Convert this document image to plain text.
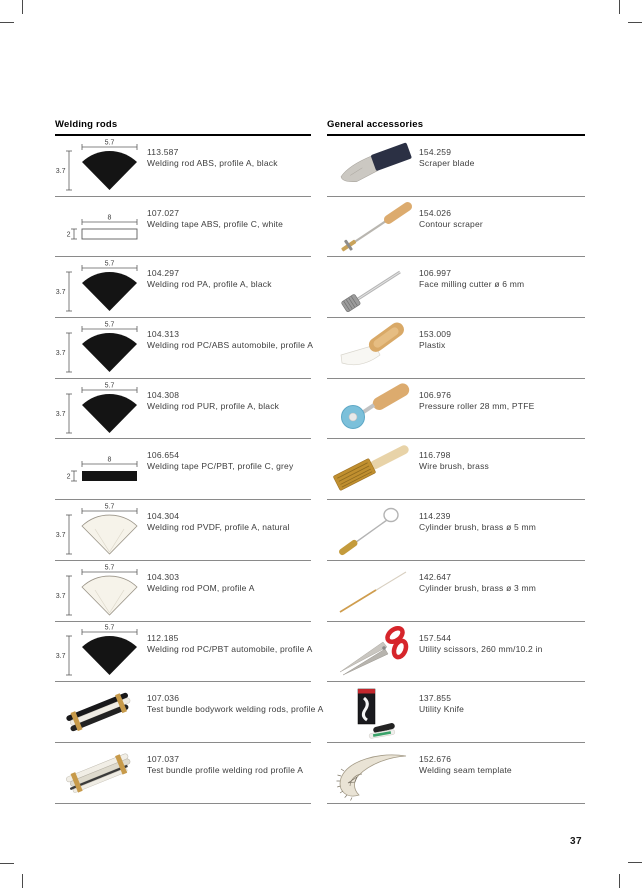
Welding rods
5.7
3.7
113.587
Welding rod ABS, profile A, black
8
2
107.027
Welding tape ABS, profile C, white
5.7
3.7
104.297
Welding rod PA, profile A, black
5.7
3.7
104.313
Welding rod PC/ABS automobile, profile A
5.7
3.7
104.308
Welding rod PUR, profile A, black
8
2
106.654
Welding tape PC/PBT, profile C, grey
5.7
3.7
104.304
Welding rod PVDF, profile A, natural
5.7
3.7
104.303
Welding rod POM, profile A
5.7
3.7
112.185
Welding rod PC/PBT automobile, profile A
107.036
Test bundle bodywork welding rods, profile A
107.037
Test bundle profile welding rod profile A
General accessories
154.259
Scraper blade
154.026
Contour scraper
106.997
Face milling cutter ø 6 mm
153.009
Plastix
106.976
Pressure roller 28 mm, PTFE
116.798
Wire brush, brass
114.239
Cylinder brush, brass ø 5 mm
142.647
Cylinder brush, brass ø 3 mm
157.544
Utility scissors, 260 mm/10.2 in
137.855
Utility Knife
152.676
Welding seam template
37
